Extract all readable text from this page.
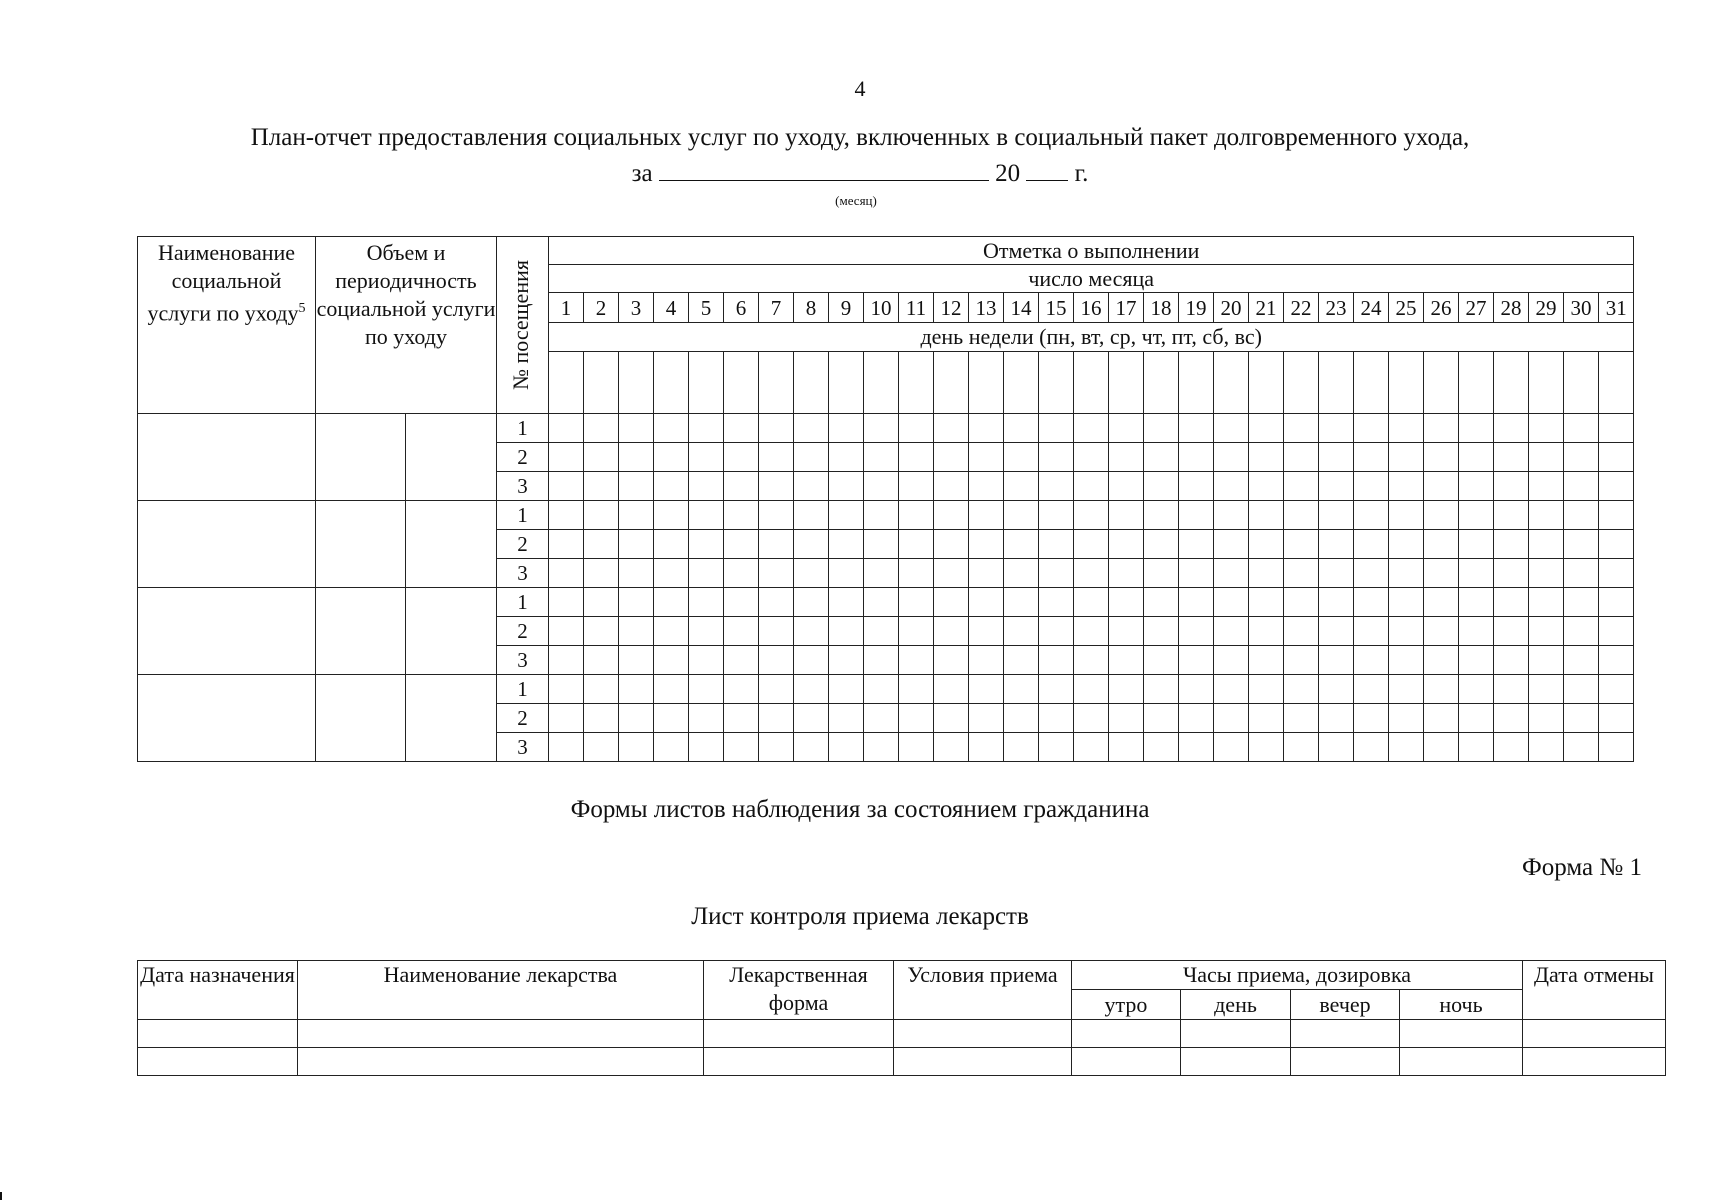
4
План-отчет предоставления социальных услуг по уходу, включенных в социальный пакет долговременного ухода,
за	20 г.
(месяц)
Наименование социальной услуги по уходу$^5$	Объем и периодичность социальной услуги по уходу		№ посещения	Отметка о выполнении																														
				число месяца																														
				1	2	3	4	5	6	7	8	9	10	11	12	13	14	15	16	17	18	19	20	21	22	23	24	25	26	27	28	29	30	31
				день недели (пн, вт, ср, чт, пт, сб, вс)																														

			1																															
			2																															
			3																															
			1																															
			2																															
			3																															
			1																															
			2																															
			3																															
			1																															
			2																															
			3																															
Формы листов наблюдения за состоянием гражданина
Форма № 1
Лист контроля приема лекарств
Дата назначения	Наименование лекарства	Лекарственная форма	Условия приема	Часы приема, дозировка				Дата отмены
				утро	день	вечер	ночь	
